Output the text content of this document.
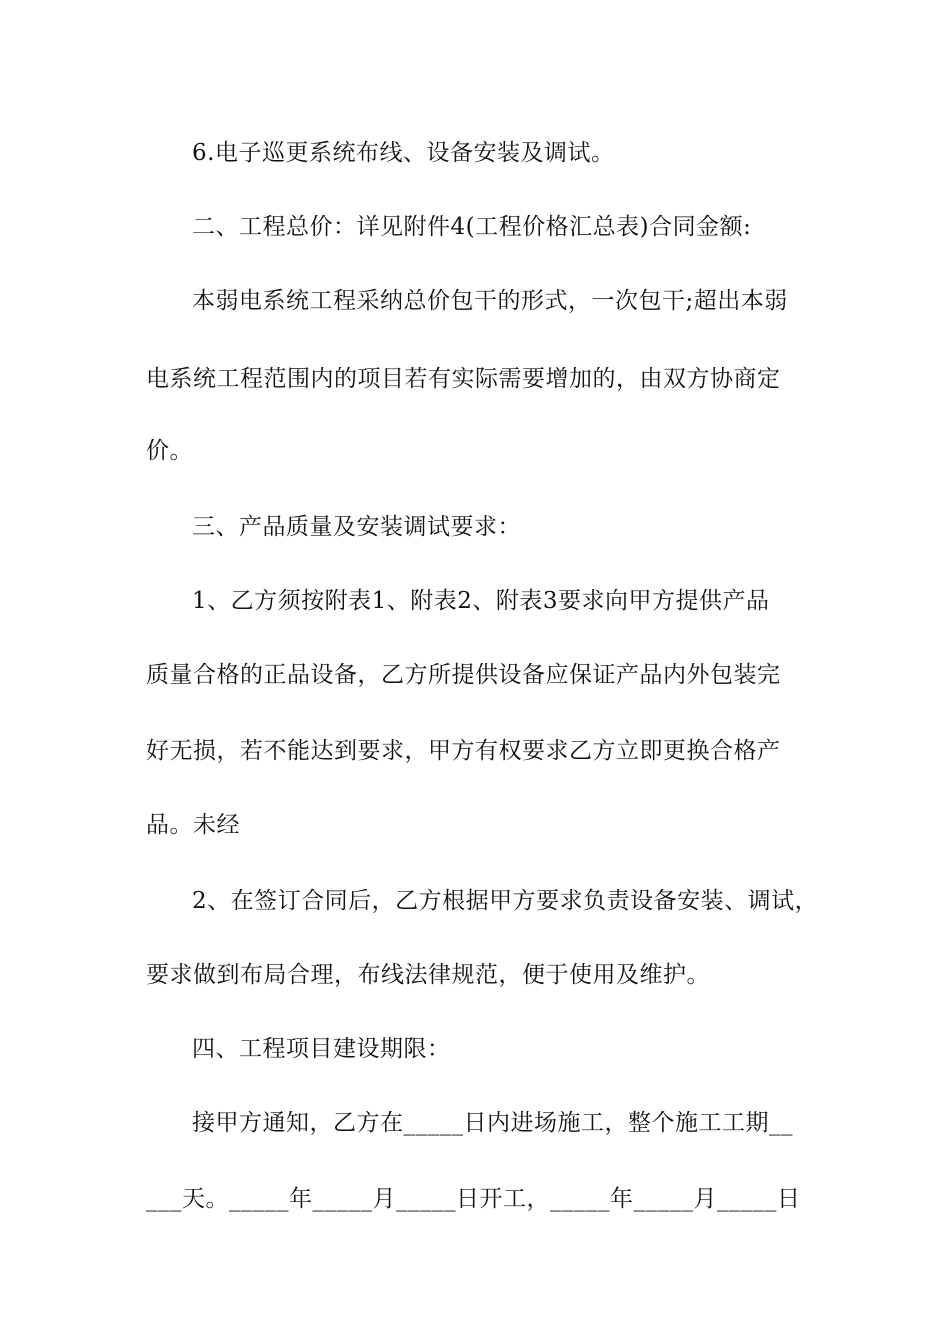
6.电子巡更系统布线、设备安装及调试。
二、工程总价：详见附件4(工程价格汇总表)合同金额:
本弱电系统工程采纳总价包干的形式，一次包干;超出本弱
电系统工程范围内的项目若有实际需要增加的，由双方协商定
价。
三、产品质量及安装调试要求：
1、乙方须按附表1、附表2、附表3要求向甲方提供产品
质量合格的正品设备，乙方所提供设备应保证产品内外包装完
好无损，若不能达到要求，甲方有权要求乙方立即更换合格产
品。未经
2、在签订合同后，乙方根据甲方要求负责设备安装、调试，
要求做到布局合理，布线法律规范，便于使用及维护。
四、工程项目建设期限：
接甲方通知，乙方在_____日内进场施工，整个施工工期__
___天。_____年_____月_____日开工，_____年_____月_____日
